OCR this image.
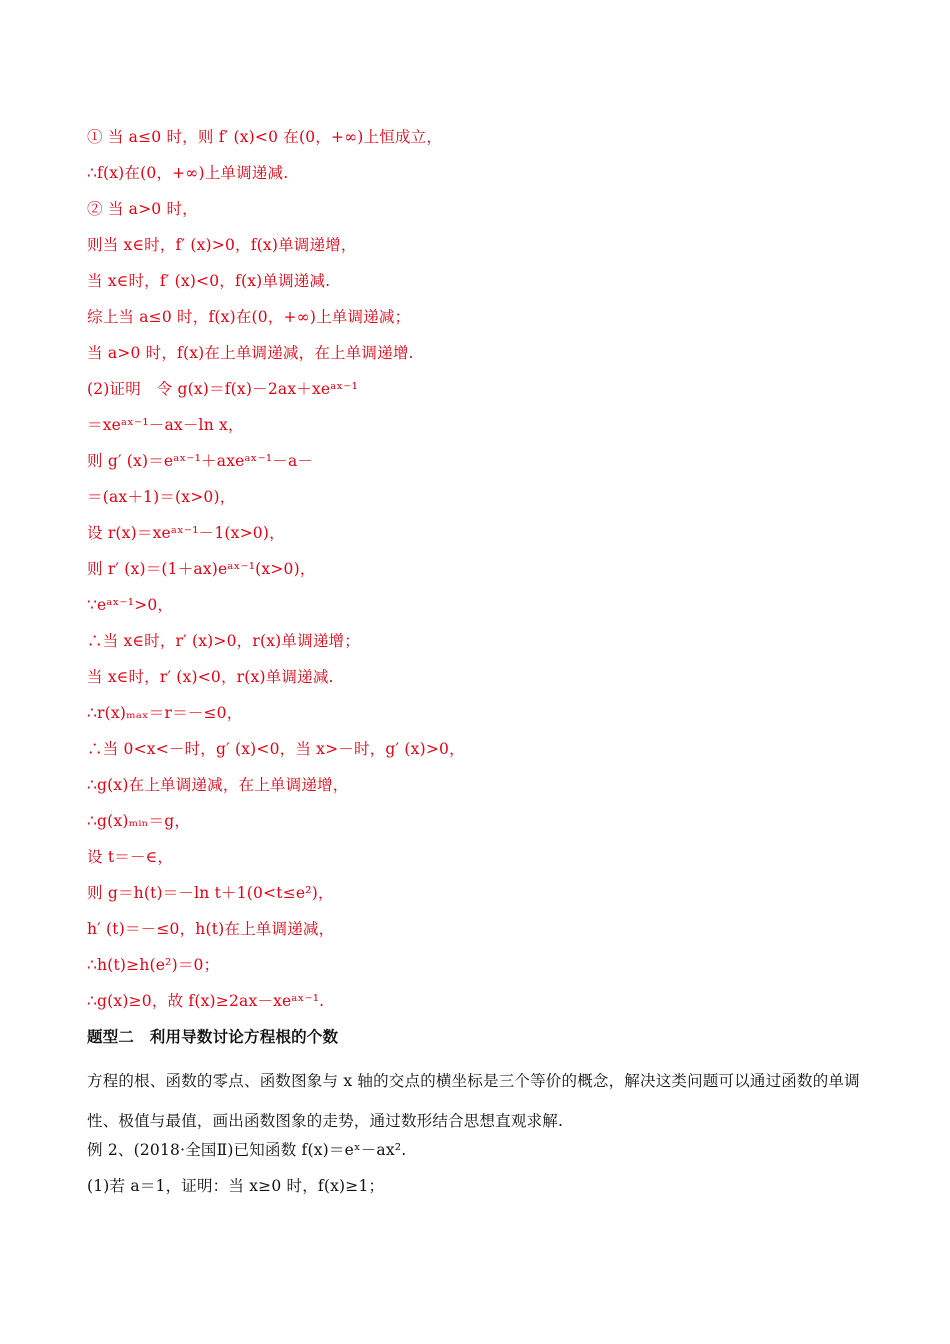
① 当 a≤0 时，则 f′ (x)<0 在(0，+∞)上恒成立，
∴f(x)在(0，+∞)上单调递减.
② 当 a>0 时，
则当 x∈时，f′ (x)>0，f(x)单调递增，
当 x∈时，f′ (x)<0，f(x)单调递减.
综上当 a≤0 时，f(x)在(0，+∞)上单调递减；
当 a>0 时，f(x)在上单调递减，在上单调递增.
(2)证明　令 g(x)＝f(x)－2ax＋xeᵃˣ⁻¹
＝xeᵃˣ⁻¹－ax－ln x，
则 g′ (x)＝eᵃˣ⁻¹＋axeᵃˣ⁻¹－a－
＝(ax＋1)＝(x>0)，
设 r(x)＝xeᵃˣ⁻¹－1(x>0)，
则 r′ (x)＝(1＋ax)eᵃˣ⁻¹(x>0)，
∵eᵃˣ⁻¹>0，
∴当 x∈时，r′ (x)>0，r(x)单调递增；
当 x∈时，r′ (x)<0，r(x)单调递减.
∴r(x)ₘₐₓ＝r＝－≤0，
∴当 0<x<－时，g′ (x)<0，当 x>－时，g′ (x)>0，
∴g(x)在上单调递减，在上单调递增，
∴g(x)ₘᵢₙ＝g，
设 t＝－∈，
则 g＝h(t)＝－ln t＋1(0<t≤e²)，
h′ (t)＝－≤0，h(t)在上单调递减，
∴h(t)≥h(e²)＝0；
∴g(x)≥0，故 f(x)≥2ax－xeᵃˣ⁻¹.
题型二　利用导数讨论方程根的个数
方程的根、函数的零点、函数图象与 x 轴的交点的横坐标是三个等价的概念，解决这类问题可以通过函数的单调性、极值与最值，画出函数图象的走势，通过数形结合思想直观求解.
例 2、(2018·全国Ⅱ)已知函数 f(x)＝eˣ－ax².
(1)若 a＝1，证明：当 x≥0 时，f(x)≥1；
